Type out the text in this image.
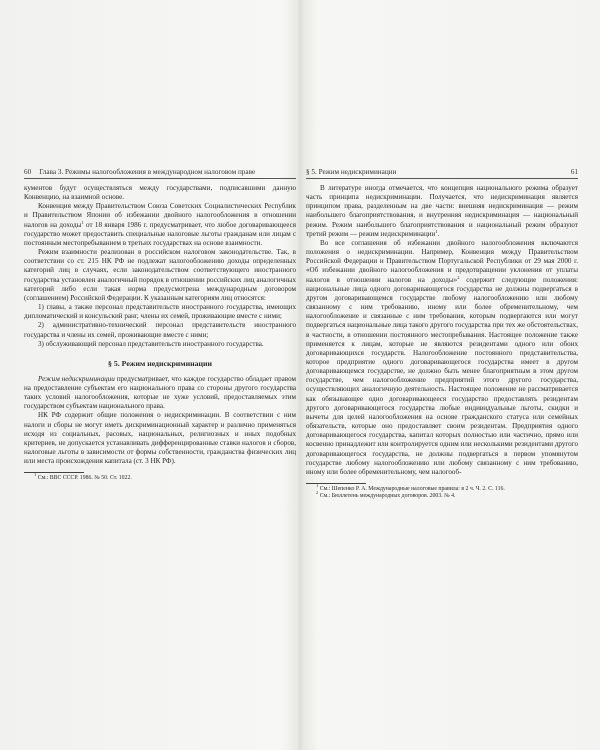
60 Глава 3. Режимы налогообложения в международном налоговом праве

кументов будут осуществляться между государствами, подписавшими данную Конвенцию, на взаимной основе.

Конвенция между Правительством Союза Советских Социалистических Республик и Правительством Японии об избежании двойного налогообложения в отношении налогов на доходы$^1$ от 18 января 1986 г. предусматривает, что любое договаривающееся государство может предоставить специальные налоговые льготы гражданам или лицам с постоянным местопребыванием в третьих государствах на основе взаимности.

Режим взаимности реализован в российском налоговом законодательстве. Так, в соответствии со ст. 215 НК РФ не подлежат налогообложению доходы определенных категорий лиц в случаях, если законодательством соответствующего иностранного государства установлен аналогичный порядок в отношении российских лиц аналогичных категорий либо если такая норма предусмотрена международным договором (соглашением) Российской Федерации. К указанным категориям лиц относятся:

1) главы, а также персонал представительств иностранного государства, имеющих дипломатический и консульский ранг, члены их семей, проживающие вместе с ними;

2) административно-технический персонал представительств иностранного государства и члены их семей, проживающие вместе с ними;

3) обслуживающий персонал представительств иностранного государства.

§ 5. Режим недискриминации

Режим недискриминации предусматривает, что каждое государство обладает правом на предоставление субъектам его национального права со стороны другого государства таких условий налогообложения, которые не хуже условий, предоставляемых этим государством субъектам национального права.

НК РФ содержит общие положения о недискриминации. В соответствии с ним налоги и сборы не могут иметь дискриминационный характер и различно применяться исходя из социальных, расовых, национальных, религиозных и иных подобных критериев, не допускается устанавливать дифференцированные ставки налогов и сборов, налоговые льготы в зависимости от формы собственности, гражданства физических лиц или места происхождения капитала (ст. 3 НК РФ).

$^1$ См.: ВВС СССР. 1986. № 50. Ст. 1022.

§ 5. Режим недискриминации	61

В литературе иногда отмечается, что концепция национального режима образует часть принципа недискриминации. Получается, что недискриминация является принципом права, разделенным на две части: внешняя недискриминация — режим наибольшего благоприятствования, и внутренняя недискриминация — национальный режим. Режим наибольшего благоприятствования и национальный режим образуют третий режим — режим недискриминации$^1$.

Во все соглашения об избежании двойного налогообложения включаются положения о недискриминации. Например, Конвенция между Правительством Российской Федерации и Правительством Португальской Республики от 29 мая 2000 г. «Об избежании двойного налогообложения и предотвращении уклонения от уплаты налогов в отношении налогов на доходы»$^2$ содержит следующие положения: национальные лица одного договаривающегося государства не должны подвергаться в другом договаривающемся государстве любому налогообложению или любому связанному с ним требованию, иному или более обременительному, чем налогообложение и связанные с ним требования, которым подвергаются или могут подвергаться национальные лица такого другого государства при тех же обстоятельствах, в частности, в отношении постоянного местопребывания. Настоящее положение также применяется к лицам, которые не являются резидентами одного или обоих договаривающихся государств. Налогообложение постоянного представительства, которое предприятие одного договаривающегося государства имеет в другом договаривающемся государстве, не должно быть менее благоприятным в этом другом государстве, чем налогообложение предприятий этого другого государства, осуществляющих аналогичную деятельность. Настоящее положение не рассматривается как обязывающее одно договаривающееся государство предоставлять резидентам другого договаривающегося государства любые индивидуальные льготы, скидки и вычеты для целей налогообложения на основе гражданского статуса или семейных обязательств, которые оно предоставляет своим резидентам. Предприятия одного договаривающегося государства, капитал которых полностью или частично, прямо или косвенно принадлежит или контролируется одним или несколькими резидентами другого договаривающегося государства, не должны подвергаться в первом упомянутом государстве любому налогообложению или любому связанному с ним требованию, иному или более обременительному, чем налогооб-

$^1$ См.: Шепенко Р. А. Международные налоговые правила: в 2 ч. Ч. 2. С. 116.

$^2$ См.: Бюллетень международных договоров. 2003. № 4.
